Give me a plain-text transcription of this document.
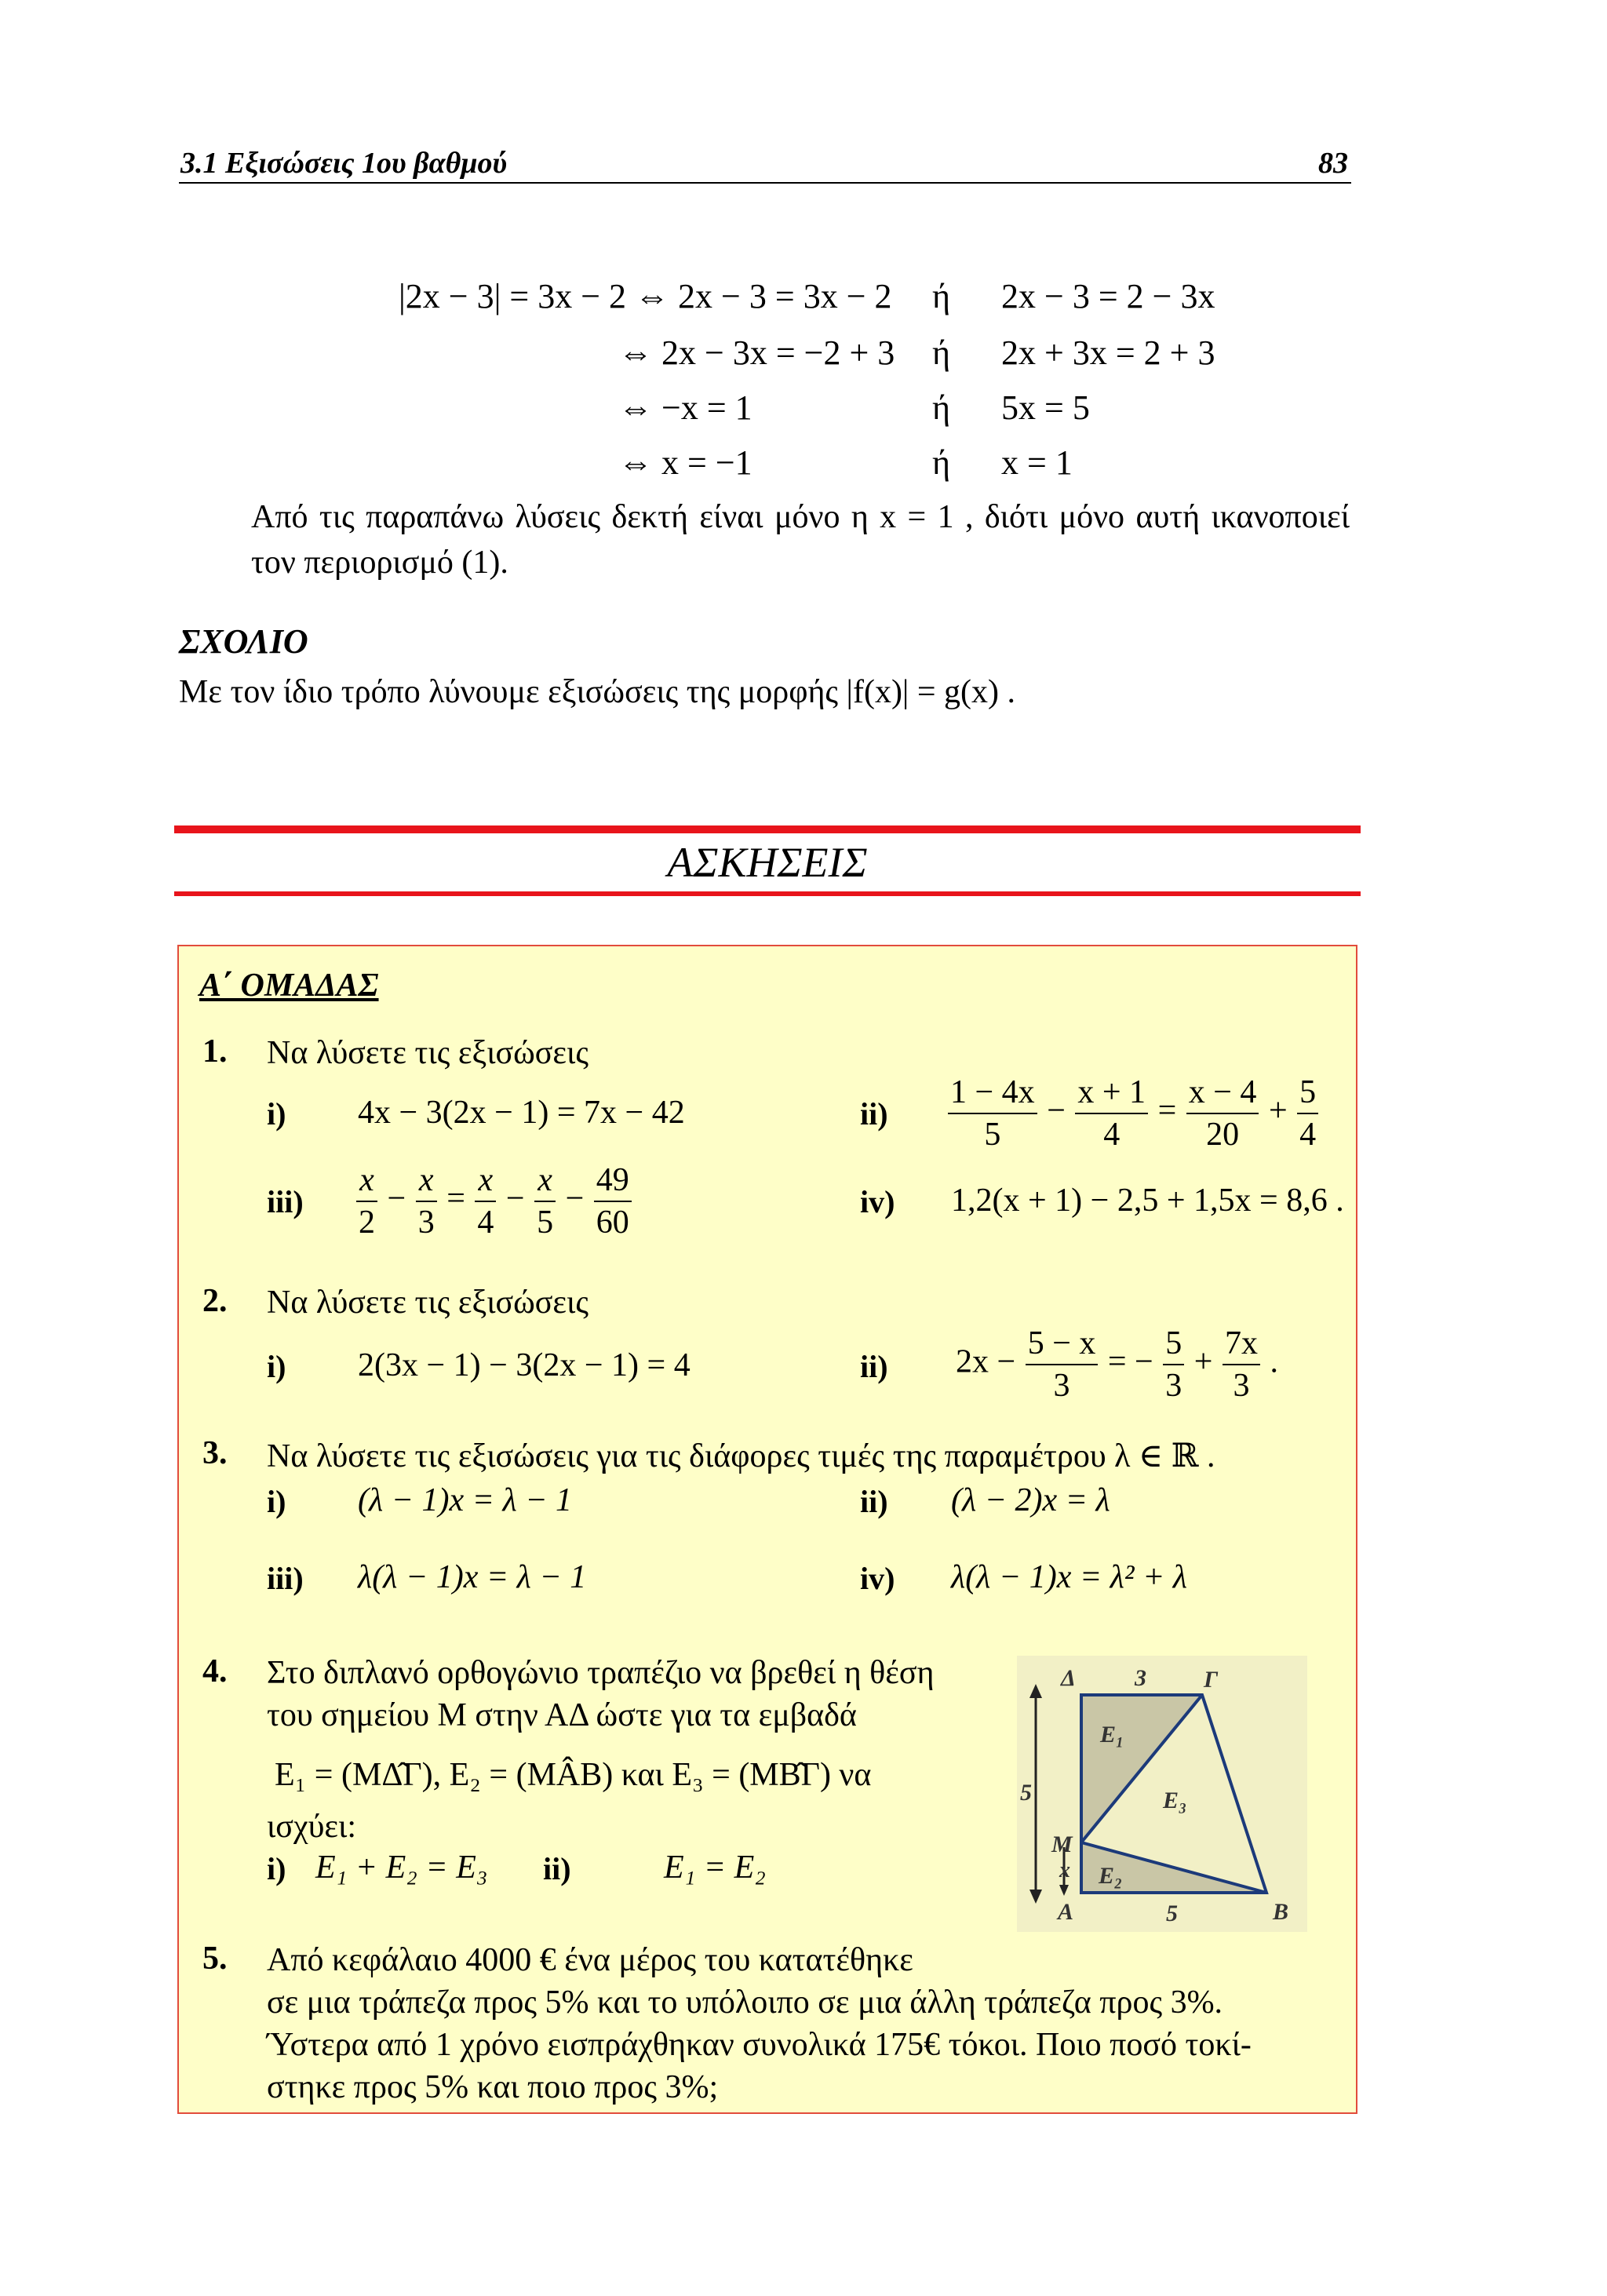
3.1 Εξισώσεις 1ου βαθμού	83
|2x − 3| = 3x − 2 ⇔ 2x − 3 = 3x − 2 ή 2x − 3 = 2 − 3x
⇔ 2x − 3x = −2 + 3 ή 2x + 3x = 2 + 3
⇔ −x = 1	ή 5x = 5
⇔ x = −1	ή x = 1
Από τις παραπάνω λύσεις δεκτή είναι μόνο η x = 1 , διότι μόνο αυτή ικανοποιεί τον περιορισμό (1).
ΣΧΟΛΙΟ
Με τον ίδιο τρόπο λύνουμε εξισώσεις της μορφής |f(x)| = g(x) .
ΑΣΚΗΣΕΙΣ
Α΄ ΟΜΑΔΑΣ
1. Να λύσετε τις εξισώσεις
i) 4x − 3(2x − 1) = 7x − 42	$ii) \frac{1 - 4x}{5} - \frac{x + 1}{4} = \frac{x - 4}{20} + \frac{5}{4}$
$iii) \frac{x}{2} - \frac{x}{3} = \frac{x}{4} - \frac{x}{5} - \frac{49}{60}$	iv) 1,2(x + 1) − 2,5 + 1,5x = 8,6 .
2. Να λύσετε τις εξισώσεις
i) 2(3x − 1) − 3(2x − 1) = 4	ii) $2x - \frac{5 - x}{3}$ = − $\frac{5}{3} + \frac{7x}{3}$ .
3. Να λύσετε τις εξισώσεις για τις διάφορες τιμές της παραμέτρου λ ∈ ℝ .
i) (λ − 1)x = λ − 1	ii) (λ − 2)x = λ
iii) λ(λ − 1)x = λ − 1	iv) λ(λ − 1)x = λ² + λ
4. Στο διπλανό ορθογώνιο τραπέζιο να βρεθεί η θέση
του σημείου Μ στην ΑΔ ώστε για τα εμβαδά
E₁ = (ΜΔ̂Γ), E₂ = (ΜÂΒ) και E₃ = (ΜΒ̂Γ) να
ισχύει:
i) E₁ + E₂ = E₃ ii)	E₁ = E₂
Δ	3 Γ
E₁
E₃
5
M
x E₂
A	5	B
5. Από κεφάλαιο 4000 € ένα μέρος του κατατέθηκε
σε μια τράπεζα προς 5% και το υπόλοιπο σε μια άλλη τράπεζα προς 3%.
Ύστερα από 1 χρόνο εισπράχθηκαν συνολικά 175€ τόκοι. Ποιο ποσό τοκί-
στηκε προς 5% και ποιο προς 3%;
